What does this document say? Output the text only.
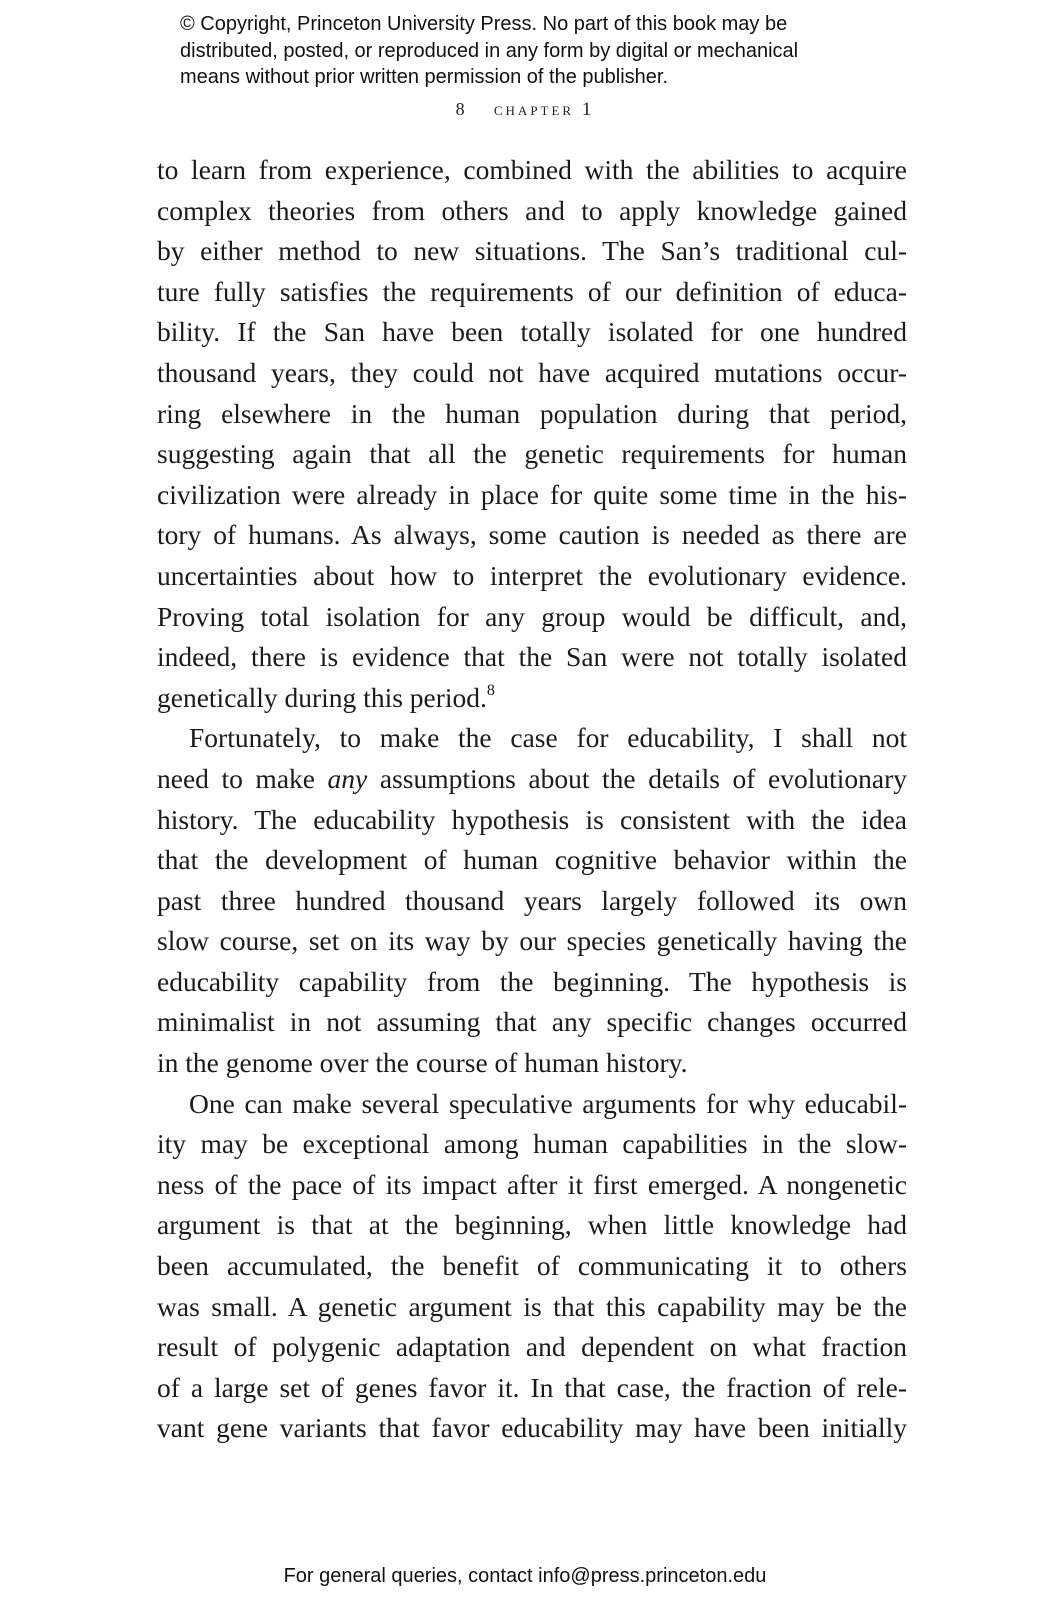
© Copyright, Princeton University Press. No part of this book may be
distributed, posted, or reproduced in any form by digital or mechanical
means without prior written permission of the publisher.
8 chapter 1
to learn from experience, combined with the abilities to acquire
complex theories from others and to apply knowledge gained
by either method to new situations. The San’s traditional cul-
ture fully satisfies the requirements of our definition of educa-
bility. If the San have been totally isolated for one hundred
thousand years, they could not have acquired mutations occur-
ring elsewhere in the human population during that period,
suggesting again that all the genetic requirements for human
civilization were already in place for quite some time in the his-
tory of humans. As always, some caution is needed as there are
uncertainties about how to interpret the evolutionary evidence.
Proving total isolation for any group would be difficult, and,
indeed, there is evidence that the San were not totally isolated
genetically during this period.$^8$
Fortunately, to make the case for educability, I shall not
need to make any assumptions about the details of evolutionary
history. The educability hypothesis is consistent with the idea
that the development of human cognitive behavior within the
past three hundred thousand years largely followed its own
slow course, set on its way by our species genetically having the
educability capability from the beginning. The hypothesis is
minimalist in not assuming that any specific changes occurred
in the genome over the course of human history.
One can make several speculative arguments for why educabil-
ity may be exceptional among human capabilities in the slow-
ness of the pace of its impact after it first emerged. A nongenetic
argument is that at the beginning, when little knowledge had
been accumulated, the benefit of communicating it to others
was small. A genetic argument is that this capability may be the
result of polygenic adaptation and dependent on what fraction
of a large set of genes favor it. In that case, the fraction of rele-
vant gene variants that favor educability may have been initially
For general queries, contact info@press.princeton.edu
